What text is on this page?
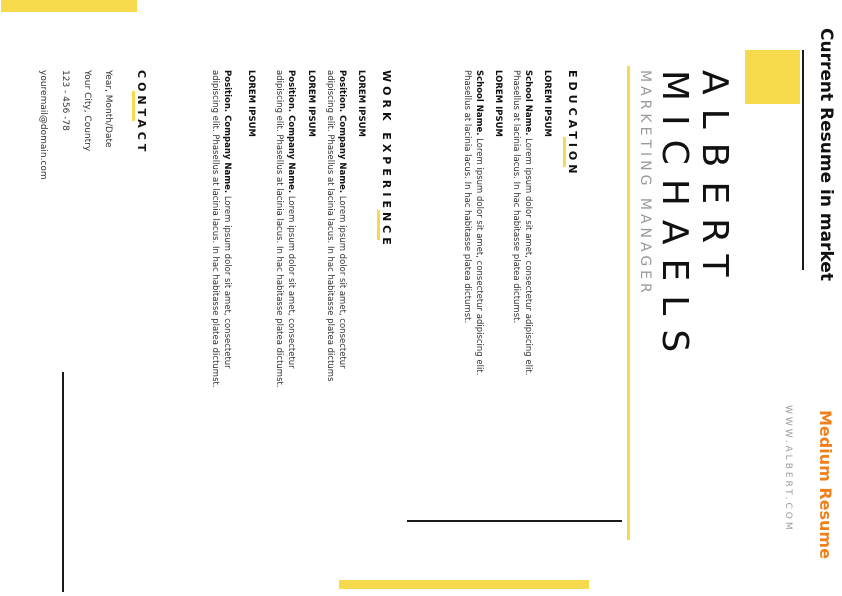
Current Resume in market
Medium Resume
ALBERT
MICHAELS
MARKETING MANAGER
WWW.ALBERT.COM
EDUCATION
LOREM IPSUM
School Name. Lorem ipsum dolor sit amet, consectetur adipiscing elit.
Phasellus at lacinia lacus. In hac habitasse platea dictumst.
LOREM IPSUM
School Name. Lorem ipsum dolor sit amet, consectetur adipiscing elit.
Phasellus at lacinia lacus. In hac habitasse platea dictumst.
WORK EXPERIENCE
LOREM IPSUM
Position. Company Name. Lorem ipsum dolor sit amet, consectetur
adipiscing elit. Phasellus at lacinia lacus. In hac habitasse platea dictums
LOREM IPSUM
Position. Company Name. Lorem ipsum dolor sit amet, consectetur
adipiscing elit. Phasellus at lacinia lacus. In hac habitasse platea dictumst.
LOREM IPSUM
Position. Company Name. Lorem ipsum dolor sit amet, consectetur
adipiscing elit. Phasellus at lacinia lacus. In hac habitasse platea dictumst.
CONTACT
Year, Month/Date
Your City, Country
123 - 456 -78
youremail@domain.com
